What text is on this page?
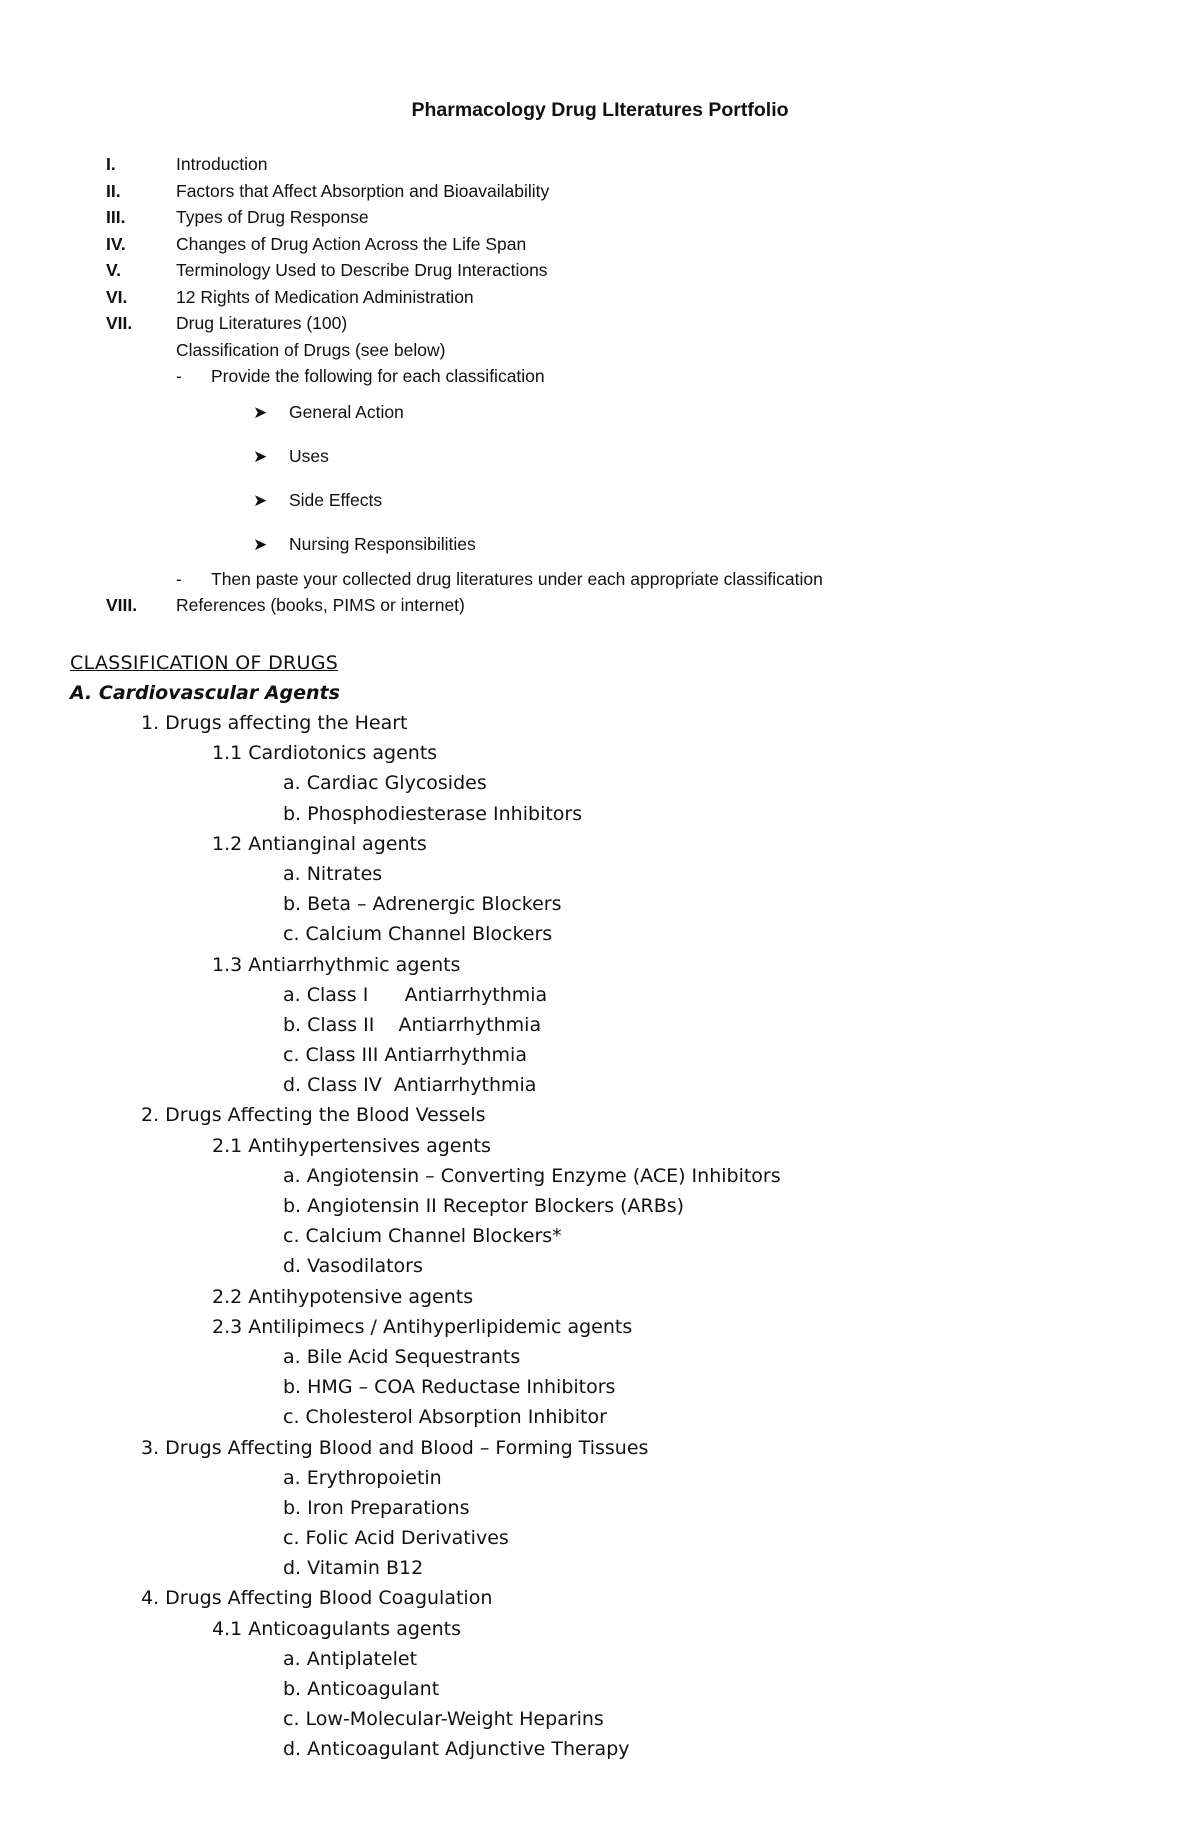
Pharmacology Drug LIteratures Portfolio
I.	Introduction
II.	Factors that Affect Absorption and Bioavailability
III.	Types of Drug Response
IV.	Changes of Drug Action Across the Life Span
V.	Terminology Used to Describe Drug Interactions
VI.	12 Rights of Medication Administration
VII. Drug Literatures (100)
Classification of Drugs (see below)
- Provide the following for each classification
➤ General Action
➤ Uses
➤ Side Effects
➤ Nursing Responsibilities
- Then paste your collected drug literatures under each appropriate classification
VIII. References (books, PIMS or internet)
CLASSIFICATION OF DRUGS
A. Cardiovascular Agents
1. Drugs affecting the Heart
1.1 Cardiotonics agents
a. Cardiac Glycosides
b. Phosphodiesterase Inhibitors
1.2 Antianginal agents
a. Nitrates
b. Beta – Adrenergic Blockers
c. Calcium Channel Blockers
1.3 Antiarrhythmic agents
a. Class I      Antiarrhythmia
b. Class II    Antiarrhythmia
c. Class III Antiarrhythmia
d. Class IV  Antiarrhythmia
2. Drugs Affecting the Blood Vessels
2.1 Antihypertensives agents
a. Angiotensin – Converting Enzyme (ACE) Inhibitors
b. Angiotensin II Receptor Blockers (ARBs)
c. Calcium Channel Blockers*
d. Vasodilators
2.2 Antihypotensive agents
2.3 Antilipimecs / Antihyperlipidemic agents
a. Bile Acid Sequestrants
b. HMG – COA Reductase Inhibitors
c. Cholesterol Absorption Inhibitor
3. Drugs Affecting Blood and Blood – Forming Tissues
a. Erythropoietin
b. Iron Preparations
c. Folic Acid Derivatives
d. Vitamin B12
4. Drugs Affecting Blood Coagulation
4.1 Anticoagulants agents
a. Antiplatelet
b. Anticoagulant
c. Low-Molecular-Weight Heparins
d. Anticoagulant Adjunctive Therapy
